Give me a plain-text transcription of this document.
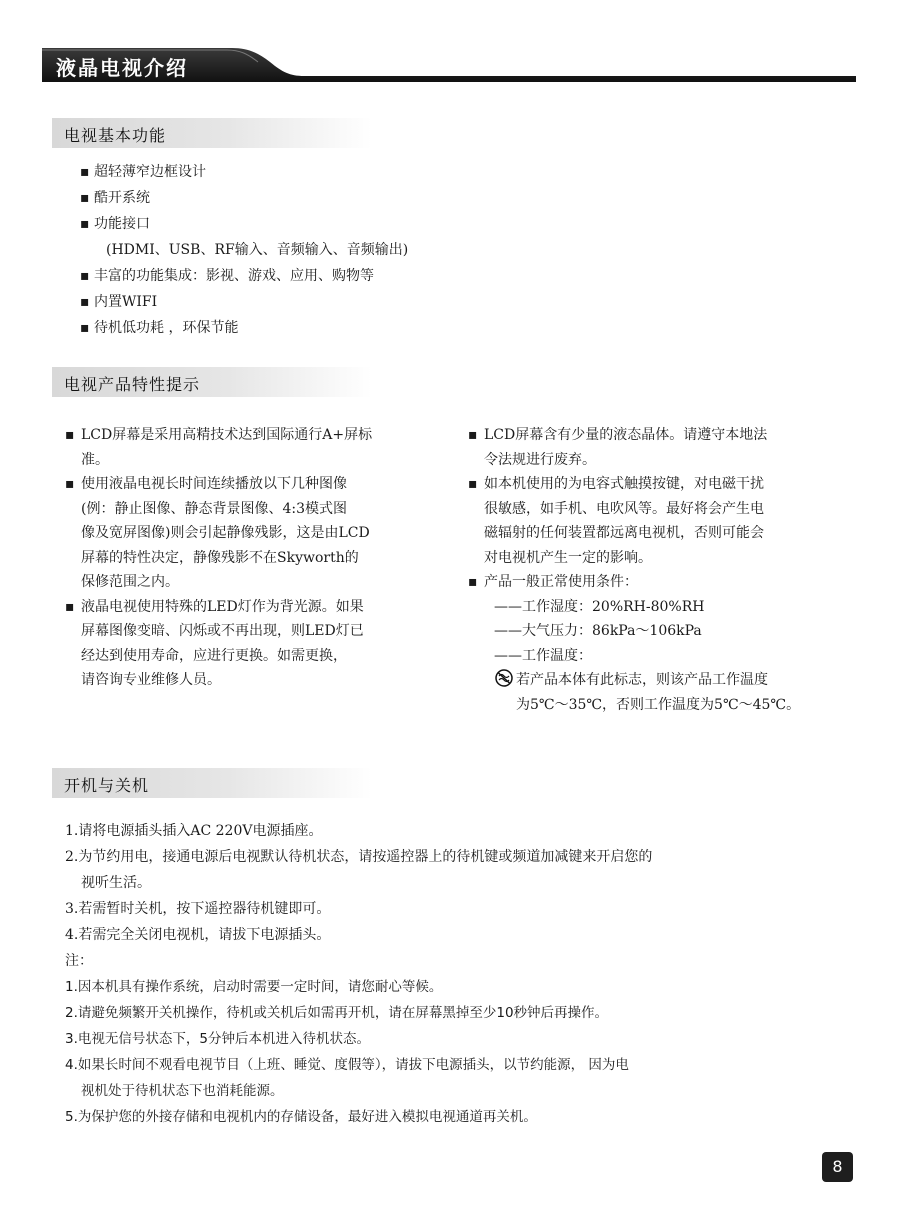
液晶电视介绍
电视基本功能
▪ 超轻薄窄边框设计
▪ 酷开系统
▪ 功能接口
(HDMI、USB、RF输入、音频输入、音频输出)
▪ 丰富的功能集成：影视、游戏、应用、购物等
▪ 内置WIFI
▪ 待机低功耗 ，环保节能
电视产品特性提示
▪ LCD屏幕是采用高精技术达到国际通行A+屏标
准。
▪ 使用液晶电视长时间连续播放以下几种图像
(例：静止图像、静态背景图像、4:3模式图
像及宽屏图像)则会引起静像残影，这是由LCD
屏幕的特性决定，静像残影不在Skyworth的
保修范围之内。
▪ 液晶电视使用特殊的LED灯作为背光源。如果
屏幕图像变暗、闪烁或不再出现，则LED灯已
经达到使用寿命，应进行更换。如需更换，
请咨询专业维修人员。
▪ LCD屏幕含有少量的液态晶体。请遵守本地法
令法规进行废弃。
▪ 如本机使用的为电容式触摸按键，对电磁干扰
很敏感，如手机、电吹风等。最好将会产生电
磁辐射的任何装置都远离电视机，否则可能会
对电视机产生一定的影响。
▪ 产品一般正常使用条件：
——工作湿度：20%RH-80%RH
——大气压力：86kPa～106kPa
——工作温度：
若产品本体有此标志，则该产品工作温度
为5℃～35℃，否则工作温度为5℃～45℃。
开机与关机
1.请将电源插头插入AC 220V电源插座。
2.为节约用电，接通电源后电视默认待机状态，请按遥控器上的待机键或频道加减键来开启您的
视听生活。
3.若需暂时关机，按下遥控器待机键即可。
4.若需完全关闭电视机，请拔下电源插头。
注：
1.因本机具有操作系统，启动时需要一定时间，请您耐心等候。
2.请避免频繁开关机操作，待机或关机后如需再开机，请在屏幕黑掉至少10秒钟后再操作。
3.电视无信号状态下，5分钟后本机进入待机状态。
4.如果长时间不观看电视节目（上班、睡觉、度假等），请拔下电源插头，以节约能源， 因为电
视机处于待机状态下也消耗能源。
5.为保护您的外接存储和电视机内的存储设备，最好进入模拟电视通道再关机。
8
